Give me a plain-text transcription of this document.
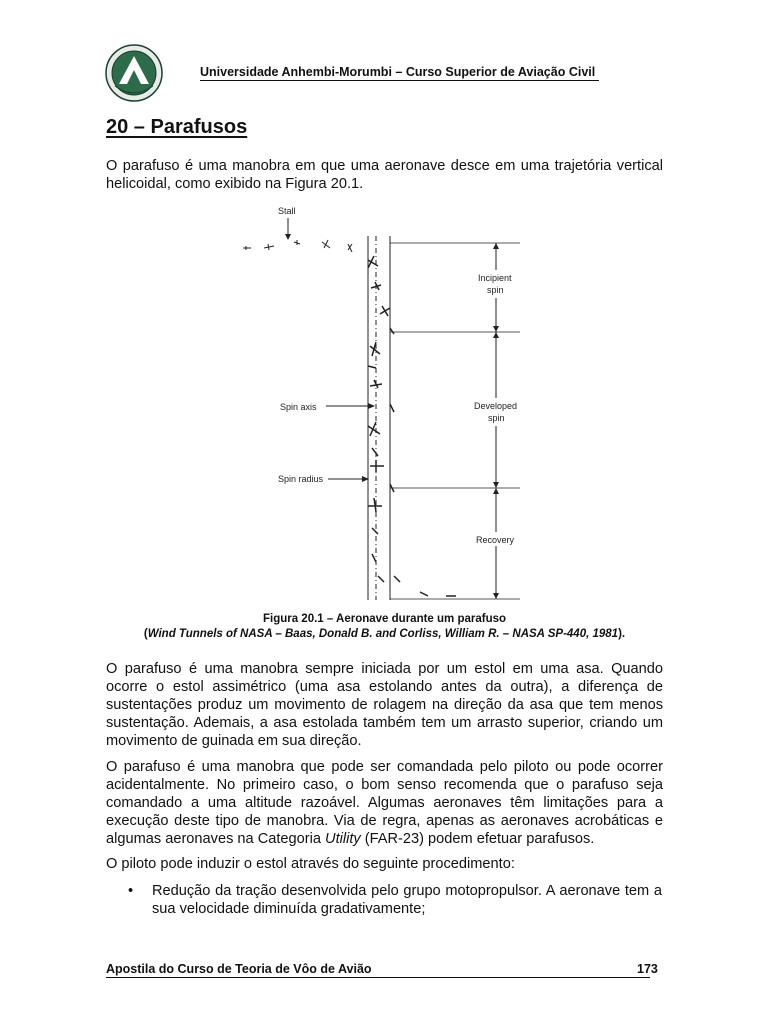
Universidade Anhembi-Morumbi – Curso Superior de Aviação Civil
20 – Parafusos
O parafuso é uma manobra em que uma aeronave desce em uma trajetória vertical helicoidal, como exibido na Figura 20.1.
Stall
Spin axis
Spin radius
Incipient
spin
Developed
spin
Recovery
Figura 20.1 – Aeronave durante um parafuso
(Wind Tunnels of NASA – Baas, Donald B. and Corliss, William R. – NASA SP-440, 1981).
O parafuso é uma manobra sempre iniciada por um estol em uma asa. Quando ocorre o estol assimétrico (uma asa estolando antes da outra), a diferença de sustentações produz um movimento de rolagem na direção da asa que tem menos sustentação. Ademais, a asa estolada também tem um arrasto superior, criando um movimento de guinada em sua direção.
O parafuso é uma manobra que pode ser comandada pelo piloto ou pode ocorrer acidentalmente. No primeiro caso, o bom senso recomenda que o parafuso seja comandado a uma altitude razoável. Algumas aeronaves têm limitações para a execução deste tipo de manobra. Via de regra, apenas as aeronaves acrobáticas e algumas aeronaves na Categoria Utility (FAR-23) podem efetuar parafusos.
O piloto pode induzir o estol através do seguinte procedimento:
•	Redução da tração desenvolvida pelo grupo motopropulsor. A aeronave tem a sua velocidade diminuída gradativamente;
Apostila do Curso de Teoria de Vôo de Avião	173
